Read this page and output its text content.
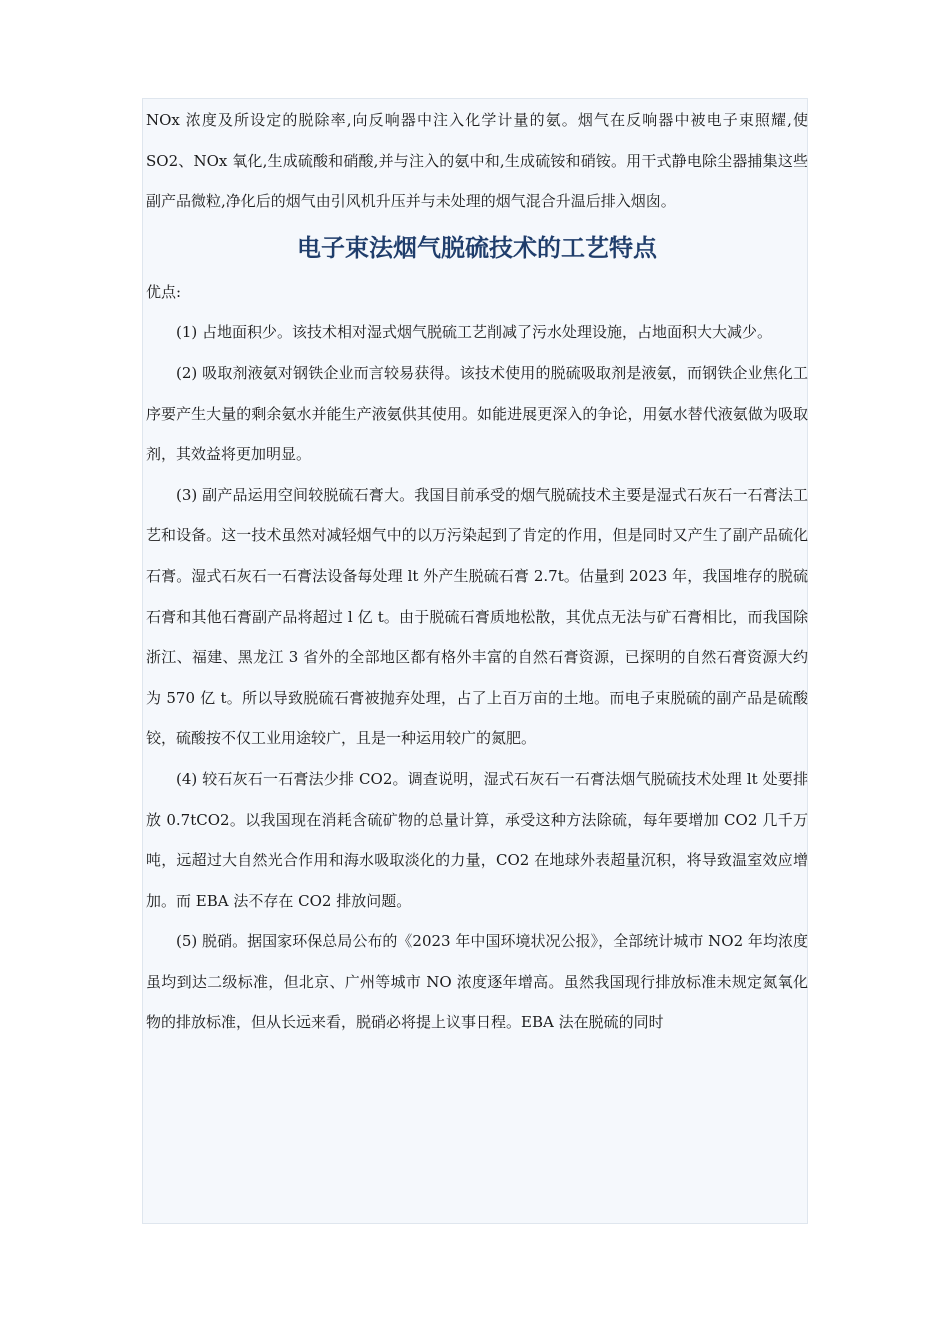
NOx 浓度及所设定的脱除率,向反响器中注入化学计量的氨。烟气在反响器中被电子束照耀,使 SO2、NOx 氧化,生成硫酸和硝酸,并与注入的氨中和,生成硫铵和硝铵。用干式静电除尘器捕集这些副产品微粒,净化后的烟气由引风机升压并与未处理的烟气混合升温后排入烟囱。

电子束法烟气脱硫技术的工艺特点

优点:

(1) 占地面积少。该技术相对湿式烟气脱硫工艺削减了污水处理设施，占地面积大大减少。

(2) 吸取剂液氨对钢铁企业而言较易获得。该技术使用的脱硫吸取剂是液氨，而钢铁企业焦化工序要产生大量的剩余氨水并能生产液氨供其使用。如能进展更深入的争论，用氨水替代液氨做为吸取剂，其效益将更加明显。

(3) 副产品运用空间较脱硫石膏大。我国目前承受的烟气脱硫技术主要是湿式石灰石一石膏法工艺和设备。这一技术虽然对减轻烟气中的以万污染起到了肯定的作用，但是同时又产生了副产品硫化石膏。湿式石灰石一石膏法设备每处理 lt 外产生脱硫石膏 2.7t。估量到 2023 年，我国堆存的脱硫石膏和其他石膏副产品将超过 l 亿 t。由于脱硫石膏质地松散，其优点无法与矿石膏相比，而我国除浙江、福建、黑龙江 3 省外的全部地区都有格外丰富的自然石膏资源，已探明的自然石膏资源大约为 570 亿 t。所以导致脱硫石膏被抛弃处理，占了上百万亩的土地。而电子束脱硫的副产品是硫酸铰，硫酸按不仅工业用途较广，且是一种运用较广的氮肥。

(4) 较石灰石一石膏法少排 CO2。调查说明，湿式石灰石一石膏法烟气脱硫技术处理 lt 处要排放 0.7tCO2。以我国现在消耗含硫矿物的总量计算，承受这种方法除硫，每年要增加 CO2 几千万吨，远超过大自然光合作用和海水吸取淡化的力量，CO2 在地球外表超量沉积，将导致温室效应增加。而 EBA 法不存在 CO2 排放问题。

(5) 脱硝。据国家环保总局公布的《2023 年中国环境状况公报》，全部统计城市 NO2 年均浓度虽均到达二级标准，但北京、广州等城市 NO 浓度逐年增高。虽然我国现行排放标准未规定氮氧化物的排放标准，但从长远来看，脱硝必将提上议事日程。EBA 法在脱硫的同时
